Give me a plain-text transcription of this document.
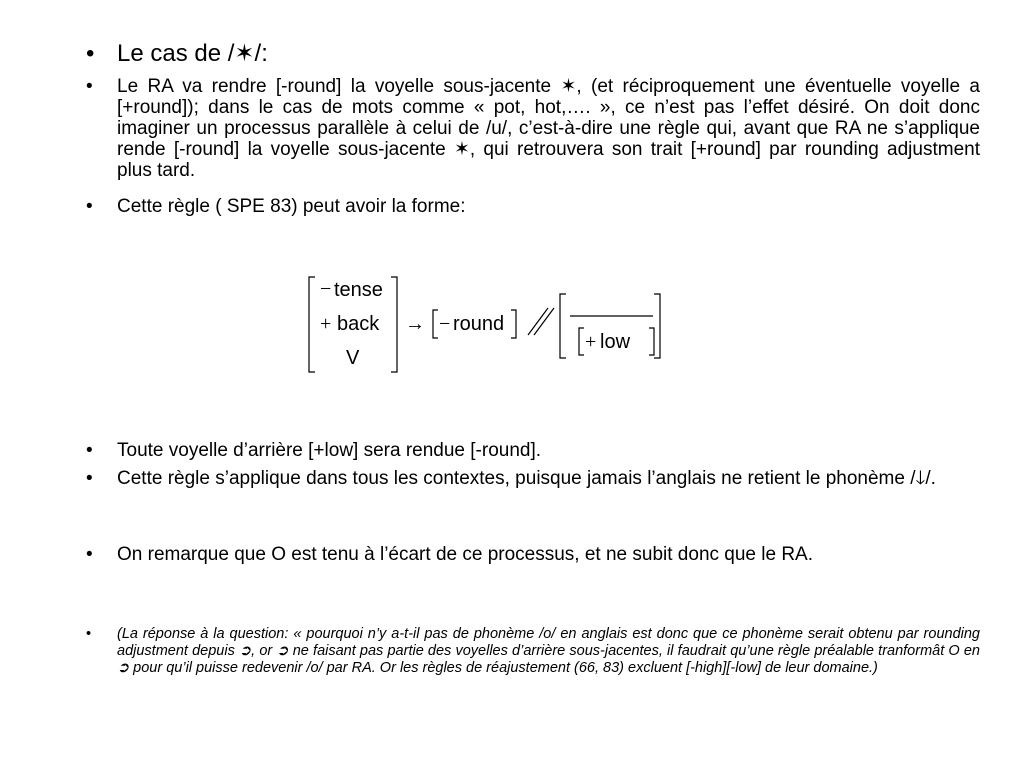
• Le cas de /✶/:
• Le RA va rendre [-round] la voyelle sous-jacente ✶, (et réciproquement une éventuelle voyelle a [+round]); dans le cas de mots comme « pot, hot,…. », ce n’est pas l’effet désiré. On doit donc imaginer un processus parallèle à celui de /u/, c’est-à-dire une règle qui, avant que RA ne s’applique rende [-round] la voyelle sous-jacente ✶, qui retrouvera son trait [+round] par rounding adjustment plus tard.
• Cette règle ( SPE 83) peut avoir la forme:
− tense
+ back
V
→ − round
+ low
• Toute voyelle d’arrière [+low] sera rendue [-round].
• Cette règle s’applique dans tous les contextes, puisque jamais l’anglais ne retient le phonème /🡓/.
• On remarque que O est tenu à l’écart de ce processus, et ne subit donc que le RA.
• (La réponse à la question: « pourquoi n’y a-t-il pas de phonème /o/ en anglais est donc que ce phonème serait obtenu par rounding adjustment depuis ➲, or ➲ ne faisant pas partie des voyelles d’arrière sous-jacentes, il faudrait qu’une règle préalable tranformât O en ➲ pour qu’il puisse redevenir /o/ par RA. Or les règles de réajustement (66, 83) excluent [-high][-low] de leur domaine.)
